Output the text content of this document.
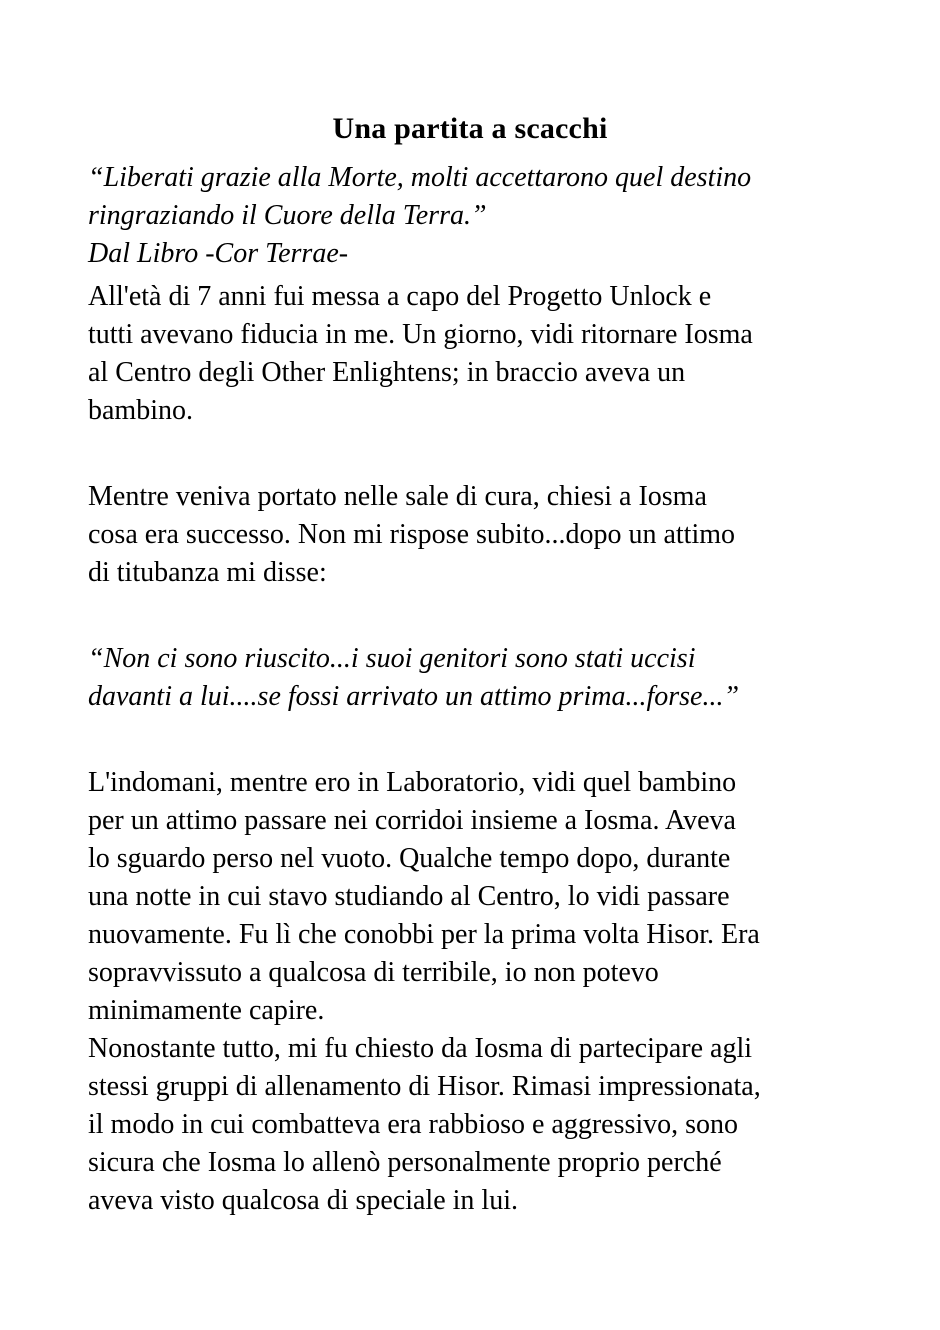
Una partita a scacchi
“Liberati grazie alla Morte, molti accettarono quel destino
ringraziando il Cuore della Terra.”
Dal Libro -Cor Terrae-
All'età di 7 anni fui messa a capo del Progetto Unlock e
tutti avevano fiducia in me. Un giorno, vidi ritornare Iosma
al Centro degli Other Enlightens; in braccio aveva un
bambino.

Mentre veniva portato nelle sale di cura, chiesi a Iosma
cosa era successo. Non mi rispose subito...dopo un attimo
di titubanza mi disse:

“Non ci sono riuscito...i suoi genitori sono stati uccisi
davanti a lui....se fossi arrivato un attimo prima...forse...”

L'indomani, mentre ero in Laboratorio, vidi quel bambino
per un attimo passare nei corridoi insieme a Iosma. Aveva
lo sguardo perso nel vuoto. Qualche tempo dopo, durante
una notte in cui stavo studiando al Centro, lo vidi passare
nuovamente. Fu lì che conobbi per la prima volta Hisor. Era
sopravvissuto a qualcosa di terribile, io non potevo
minimamente capire.
Nonostante tutto, mi fu chiesto da Iosma di partecipare agli
stessi gruppi di allenamento di Hisor. Rimasi impressionata,
il modo in cui combatteva era rabbioso e aggressivo, sono
sicura che Iosma lo allenò personalmente proprio perché
aveva visto qualcosa di speciale in lui.
